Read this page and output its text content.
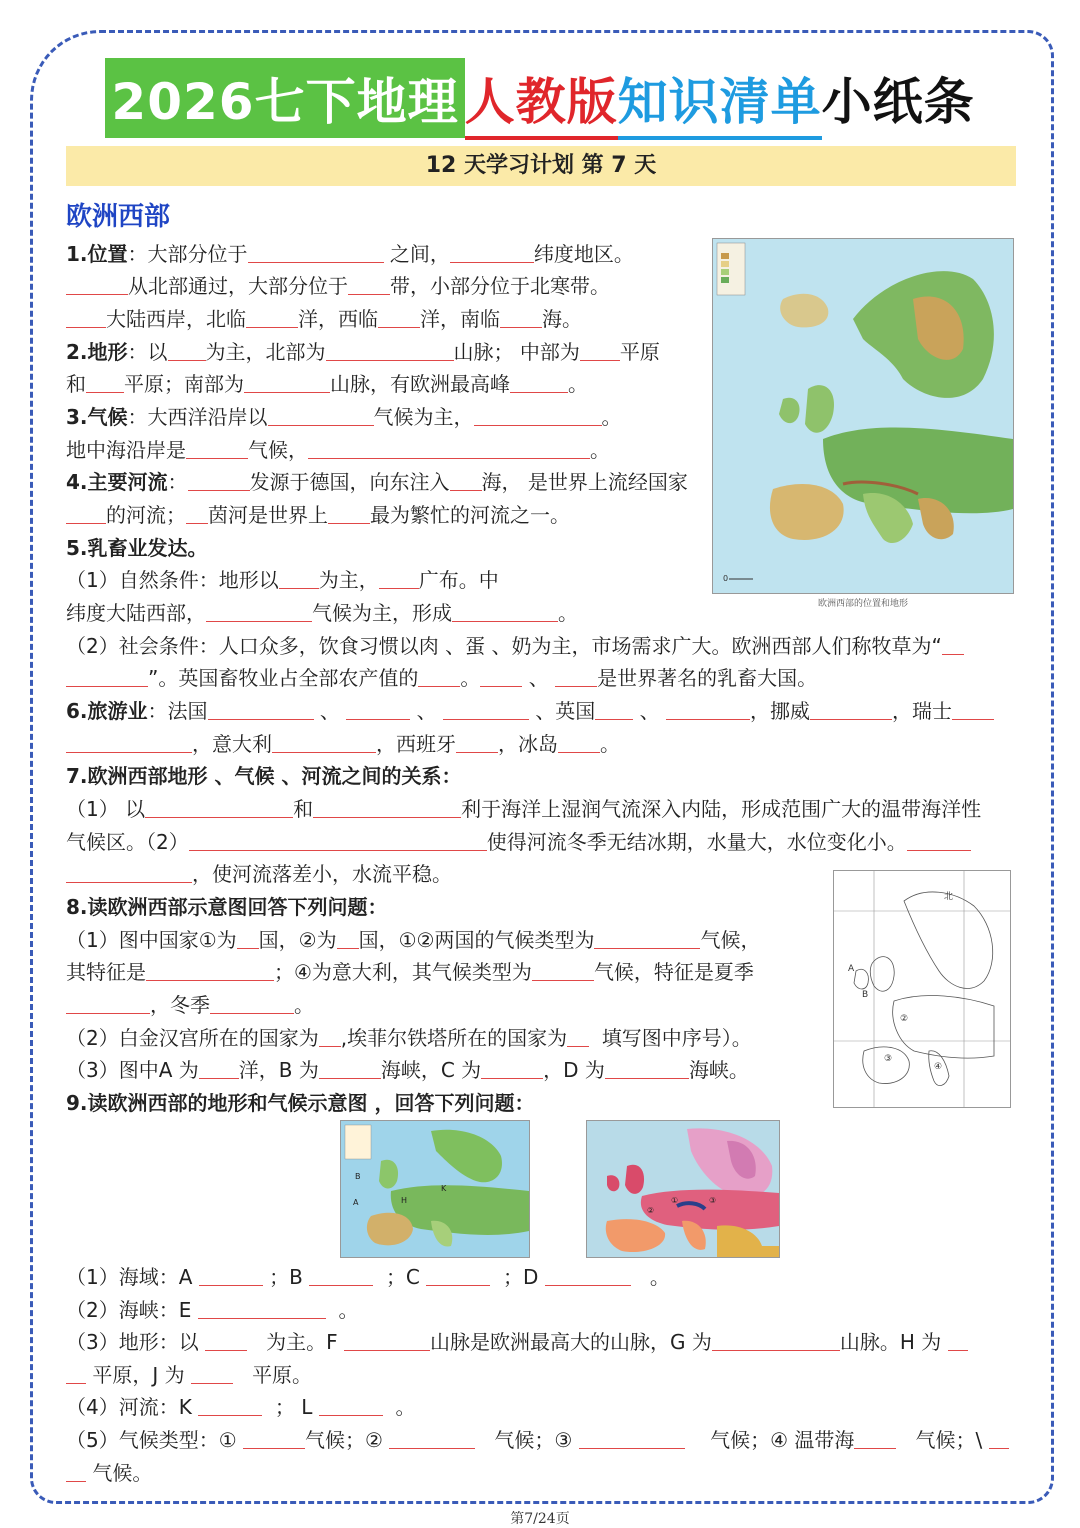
2026七下地理 人教版知识清单小纸条
12 天学习计划 第 7 天
欧洲西部
1.位置：大部分位于	之间，	纬度地区。
从北部通过，大部分位于 带，小部分位于北寒带。
大陆西岸，北临	洋，西临 洋，南临 海。
2.地形：以 为主，北部为	山脉； 中部为 平原
和 平原；南部为	山脉，有欧洲最高峰	。
3.气候：大西洋沿岸以	气候为主，	。
地中海沿岸是	气候，	。
4.主要河流：	发源于德国，向东注入 海， 是世界上流经国家
的河流； 茵河是世界上 最为繁忙的河流之一。
5.乳畜业发达。
（1）自然条件：地形以 为主， 广布。中
纬度大陆西部，	气候为主，形成	。
（2）社会条件：人口众多，饮食习惯以肉 、蛋 、奶为主，市场需求广大。欧洲西部人们称牧草为“
”。英国畜牧业占全部农产值的 。 、 是世界著名的乳畜大国。
6.旅游业：法国	、	、	、英国 、	，挪威	，瑞士
，意大利	，西班牙 ，冰岛 。
7.欧洲西部地形 、气候 、河流之间的关系：
（1） 以	和	利于海洋上湿润气流深入内陆，形成范围广大的温带海洋性
气候区。（2）	使得河流冬季无结冰期，水量大，水位变化小。
，使河流落差小，水流平稳。
8.读欧洲西部示意图回答下列问题：
（1）图中国家①为 国，②为 国，①②两国的气候类型为	气候，
其特征是	；④为意大利，其气候类型为	气候，特征是夏季
，冬季	。
（2）白金汉宫所在的国家为 ,埃菲尔铁塔所在的国家为 填写图中序号）。
（3）图中A 为 洋，B 为	海峡，C 为	，D 为	海峡。
9.读欧洲西部的地形和气候示意图 ，回答下列问题：
（1）海域：A	；B	；C	；D	。
（2）海峡：E	。
（3）地形：以	为主。F	山脉是欧洲最高大的山脉，G 为	山脉。H 为
平原，J 为	平原。
（4）河流：K	； L	。
（5）气候类型：①	气候；②	气候；③	气候；④ 温带海	气候；\
气候。
0
欧洲西部的位置和地形
A
B
北
②
④
③
B
A
K
H	①	③
②
第7/24页
